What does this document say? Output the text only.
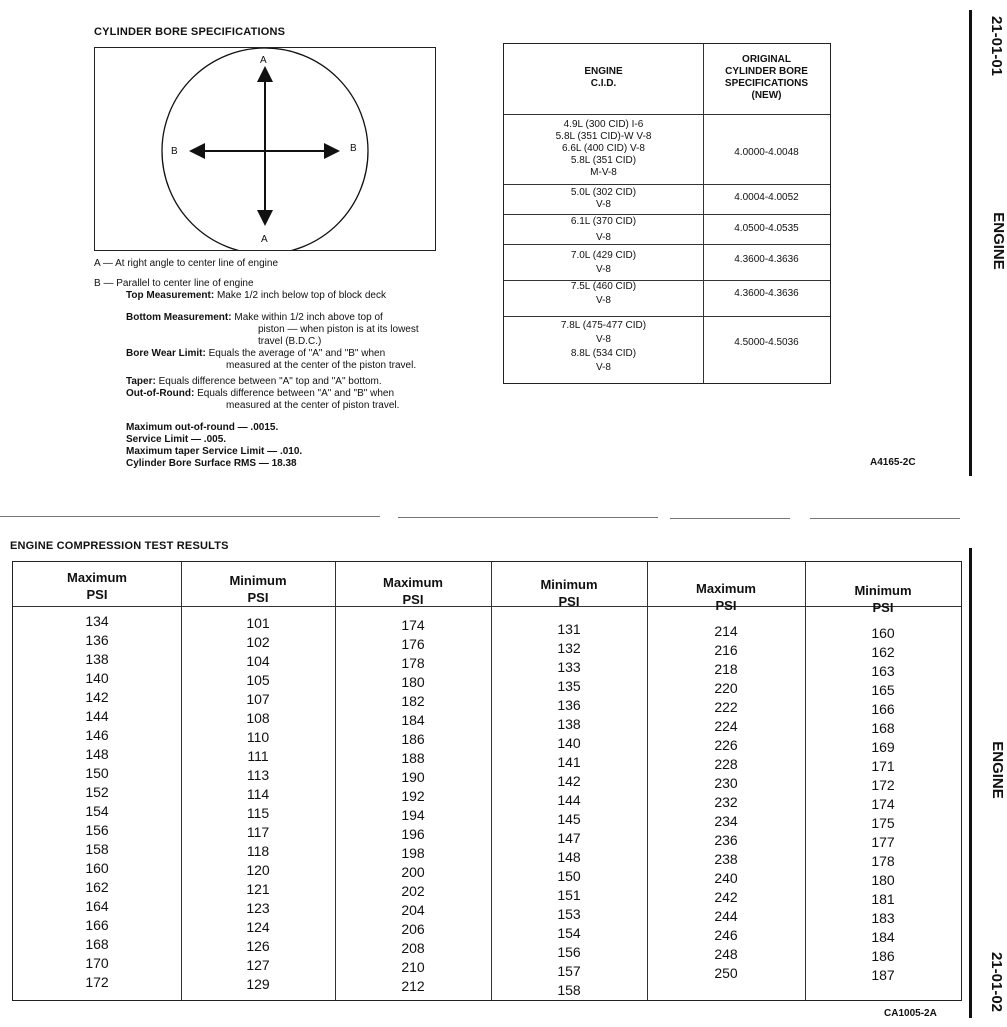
CYLINDER BORE SPECIFICATIONS
A
A
B	B
A — At right angle to center line of engine
B — Parallel to center line of engine
Top Measurement: Make 1/2 inch below top of block deck
Bottom Measurement: Make within 1/2 inch above top of
piston — when piston is at its lowest
travel (B.D.C.)
Bore Wear Limit: Equals the average of "A" and "B" when
measured at the center of the piston travel.
Taper: Equals difference between "A" top and "A" bottom.
Out-of-Round: Equals difference between "A" and "B" when
measured at the center of piston travel.
Maximum out-of-round — .0015.
Service Limit — .005.
Maximum taper Service Limit — .010.
Cylinder Bore Surface RMS — 18.38
ENGINE
C.I.D.
ORIGINAL
CYLINDER BORE
SPECIFICATIONS
(NEW)
4.9L (300 CID) I-6
5.8L (351 CID)-W V-8
6.6L (400 CID) V-8
5.8L (351 CID)
M-V-8
4.0000-4.0048
5.0L (302 CID)
V-8
4.0004-4.0052
6.1L (370 CID)
V-8
4.0500-4.0535
7.0L (429 CID)
V-8
4.3600-4.3636
7.5L (460 CID)
V-8
4.3600-4.3636
7.8L (475-477 CID)
V-8
8.8L (534 CID)
V-8
4.5000-4.5036
A4165-2C
21-01-01
ENGINE
ENGINE COMPRESSION TEST RESULTS
Maximum
PSI
Minimum
PSI
Maximum
PSI
Minimum
PSI
Maximum
PSI
Minimum
PSI
134
136
138
140
142
144
146
148
150
152
154
156
158
160
162
164
166
168
170
172
101
102
104
105
107
108
110
111
113
114
115
117
118
120
121
123
124
126
127
129
174
176
178
180
182
184
186
188
190
192
194
196
198
200
202
204
206
208
210
212
131
132
133
135
136
138
140
141
142
144
145
147
148
150
151
153
154
156
157
158
214
216
218
220
222
224
226
228
230
232
234
236
238
240
242
244
246
248
250
160
162
163
165
166
168
169
171
172
174
175
177
178
180
181
183
184
186
187
CA1005-2A
ENGINE
21-01-02
